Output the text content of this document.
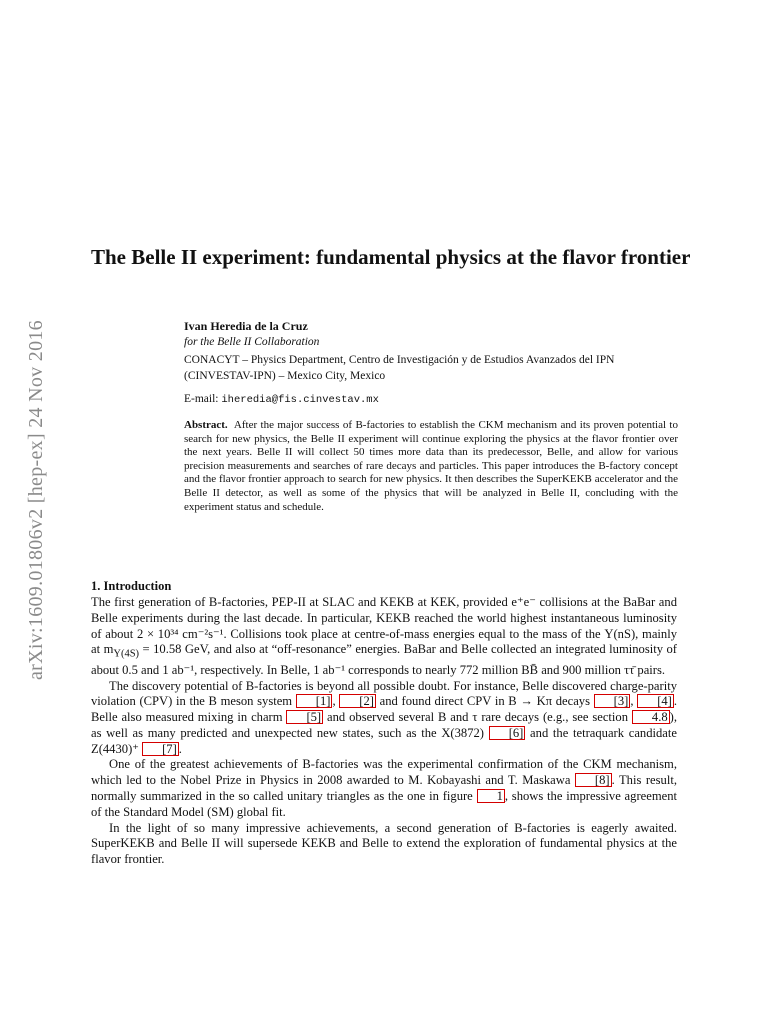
arXiv:1609.01806v2 [hep-ex] 24 Nov 2016
The Belle II experiment: fundamental physics at the flavor frontier
Ivan Heredia de la Cruz
for the Belle II Collaboration
CONACYT – Physics Department, Centro de Investigación y de Estudios Avanzados del IPN
(CINVESTAV-IPN) – Mexico City, Mexico
E-mail: iheredia@fis.cinvestav.mx

Abstract. After the major success of B-factories to establish the CKM mechanism and its proven potential to search for new physics, the Belle II experiment will continue exploring the physics at the flavor frontier over the next years. Belle II will collect 50 times more data than its predecessor, Belle, and allow for various precision measurements and searches of rare decays and particles. This paper introduces the B-factory concept and the flavor frontier approach to search for new physics. It then describes the SuperKEKB accelerator and the Belle II detector, as well as some of the physics that will be analyzed in Belle II, concluding with the experiment status and schedule.

1. Introduction

The first generation of B-factories, PEP-II at SLAC and KEKB at KEK, provided e⁺e⁻ collisions at the BaBar and Belle experiments during the last decade. In particular, KEKB reached the world highest instantaneous luminosity of about 2 × 10³⁴ cm⁻²s⁻¹. Collisions took place at centre-of-mass energies equal to the mass of the Υ(nS), mainly at $m_{\Upsilon(4S)} = 10.58$ GeV, and also at “off-resonance” energies. BaBar and Belle collected an integrated luminosity of about 0.5 and 1 ab⁻¹, respectively. In Belle, 1 ab⁻¹ corresponds to nearly 772 million BB̄ and 900 million ττ̄ pairs.

The discovery potential of B-factories is beyond all possible doubt. For instance, Belle discovered charge-parity violation (CPV) in the B meson system [1] , [2] and found direct CPV in B → Kπ decays [3] , [4] . Belle also measured mixing in charm [5] and observed several B and τ rare decays (e.g., see section 4.8 ), as well as many predicted and unexpected new states, such as the X(3872) [6] and the tetraquark candidate Z(4430)⁺ [7] .

One of the greatest achievements of B-factories was the experimental confirmation of the CKM mechanism, which led to the Nobel Prize in Physics in 2008 awarded to M. Kobayashi and T. Maskawa [8] . This result, normally summarized in the so called unitary triangles as the one in figure 1 , shows the impressive agreement of the Standard Model (SM) global fit.

In the light of so many impressive achievements, a second generation of B-factories is eagerly awaited. SuperKEKB and Belle II will supersede KEKB and Belle to extend the exploration of fundamental physics at the flavor frontier.
